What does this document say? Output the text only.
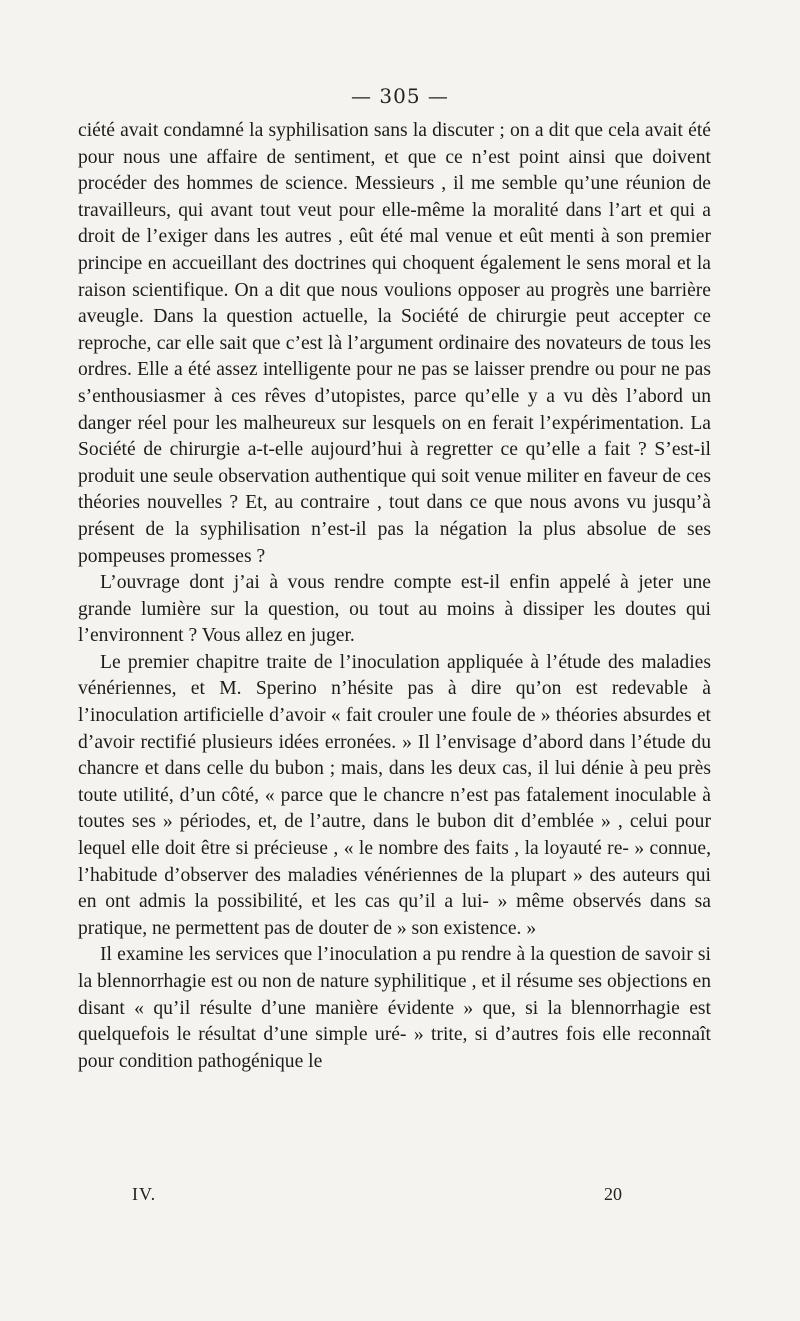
— 305 —

ciété avait condamné la syphilisation sans la discuter ; on a dit que cela avait été pour nous une affaire de sentiment, et que ce n’est point ainsi que doivent procéder des hommes de science. Messieurs , il me semble qu’une réunion de travailleurs, qui avant tout veut pour elle-même la moralité dans l’art et qui a droit de l’exiger dans les autres , eût été mal venue et eût menti à son premier principe en accueillant des doctrines qui choquent également le sens moral et la raison scientifique. On a dit que nous voulions opposer au progrès une barrière aveugle. Dans la question actuelle, la Société de chirurgie peut accepter ce reproche, car elle sait que c’est là l’argument ordinaire des novateurs de tous les ordres. Elle a été assez intelligente pour ne pas se laisser prendre ou pour ne pas s’enthousiasmer à ces rêves d’utopistes, parce qu’elle y a vu dès l’abord un danger réel pour les malheureux sur lesquels on en ferait l’expérimentation. La Société de chirurgie a-t-elle aujourd’hui à regretter ce qu’elle a fait ? S’est-il produit une seule observation authentique qui soit venue militer en faveur de ces théories nouvelles ? Et, au contraire , tout dans ce que nous avons vu jusqu’à présent de la syphilisation n’est-il pas la négation la plus absolue de ses pompeuses promesses ?

L’ouvrage dont j’ai à vous rendre compte est-il enfin appelé à jeter une grande lumière sur la question, ou tout au moins à dissiper les doutes qui l’environnent ? Vous allez en juger.

Le premier chapitre traite de l’inoculation appliquée à l’étude des maladies vénériennes, et M. Sperino n’hésite pas à dire qu’on est redevable à l’inoculation artificielle d’avoir « fait crouler une foule de » théories absurdes et d’avoir rectifié plusieurs idées erronées. » Il l’envisage d’abord dans l’étude du chancre et dans celle du bubon ; mais, dans les deux cas, il lui dénie à peu près toute utilité, d’un côté, « parce que le chancre n’est pas fatalement inoculable à toutes ses » périodes, et, de l’autre, dans le bubon dit d’emblée » , celui pour lequel elle doit être si précieuse , « le nombre des faits , la loyauté re- » connue, l’habitude d’observer des maladies vénériennes de la plupart » des auteurs qui en ont admis la possibilité, et les cas qu’il a lui- » même observés dans sa pratique, ne permettent pas de douter de » son existence. »

Il examine les services que l’inoculation a pu rendre à la question de savoir si la blennorrhagie est ou non de nature syphilitique , et il résume ses objections en disant « qu’il résulte d’une manière évidente » que, si la blennorrhagie est quelquefois le résultat d’une simple uré- » trite, si d’autres fois elle reconnaît pour condition pathogénique le

IV.	20
